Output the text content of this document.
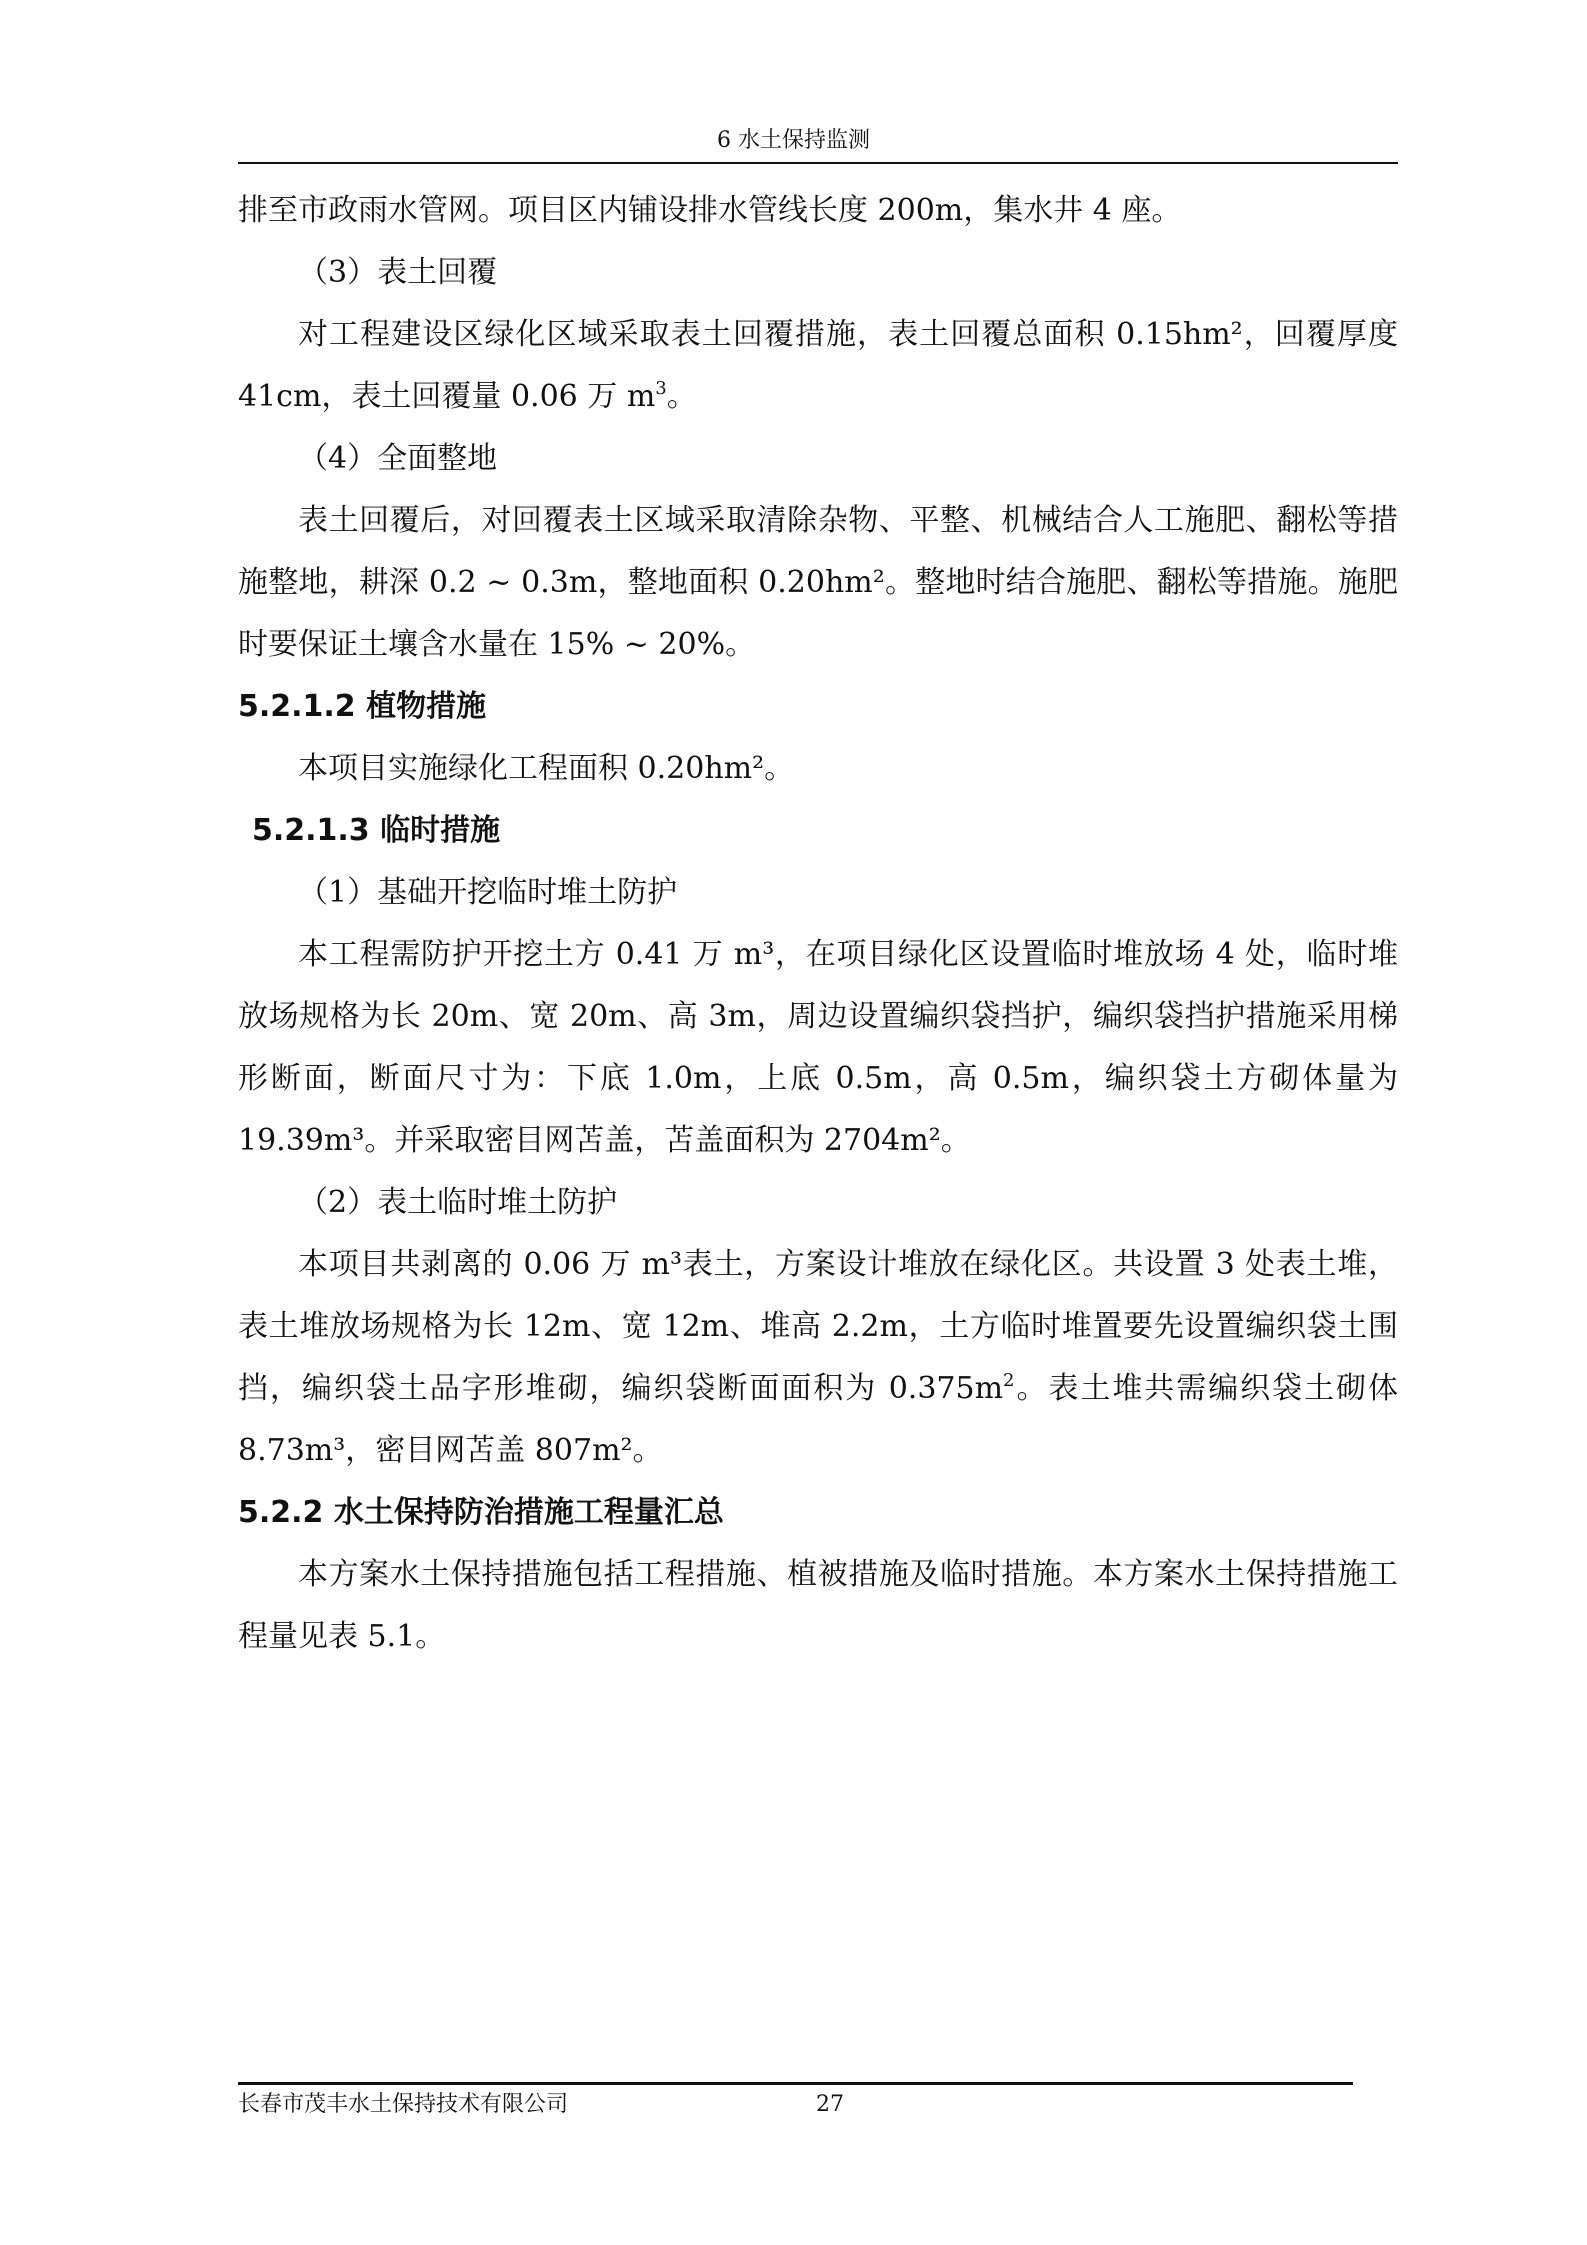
6 水土保持监测

排至市政雨水管网。项目区内铺设排水管线长度 200m，集水井 4 座。

（3）表土回覆

对工程建设区绿化区域采取表土回覆措施，表土回覆总面积 0.15hm²，回覆厚度 41cm，表土回覆量 0.06 万 $m^3$。

（4）全面整地

表土回覆后，对回覆表土区域采取清除杂物、平整、机械结合人工施肥、翻松等措施整地，耕深 0.2 ~ 0.3m，整地面积 0.20hm²。整地时结合施肥、翻松等措施。施肥时要保证土壤含水量在 15% ~ 20%。

5.2.1.2 植物措施

本项目实施绿化工程面积 0.20hm²。

5.2.1.3 临时措施

（1）基础开挖临时堆土防护

本工程需防护开挖土方 0.41 万 m³，在项目绿化区设置临时堆放场 4 处，临时堆放场规格为长 20m、宽 20m、高 3m，周边设置编织袋挡护，编织袋挡护措施采用梯形断面，断面尺寸为：下底 1.0m，上底 0.5m，高 0.5m，编织袋土方砌体量为 19.39m³。并采取密目网苫盖，苫盖面积为 2704m²。

（2）表土临时堆土防护

本项目共剥离的 0.06 万 m³表土，方案设计堆放在绿化区。共设置 3 处表土堆，表土堆放场规格为长 12m、宽 12m、堆高 2.2m，土方临时堆置要先设置编织袋土围挡，编织袋土品字形堆砌，编织袋断面面积为 $0.375m^2$。表土堆共需编织袋土砌体 8.73m³，密目网苫盖 807m²。

5.2.2 水土保持防治措施工程量汇总

本方案水土保持措施包括工程措施、植被措施及临时措施。本方案水土保持措施工程量见表 5.1。

长春市茂丰水土保持技术有限公司	27
